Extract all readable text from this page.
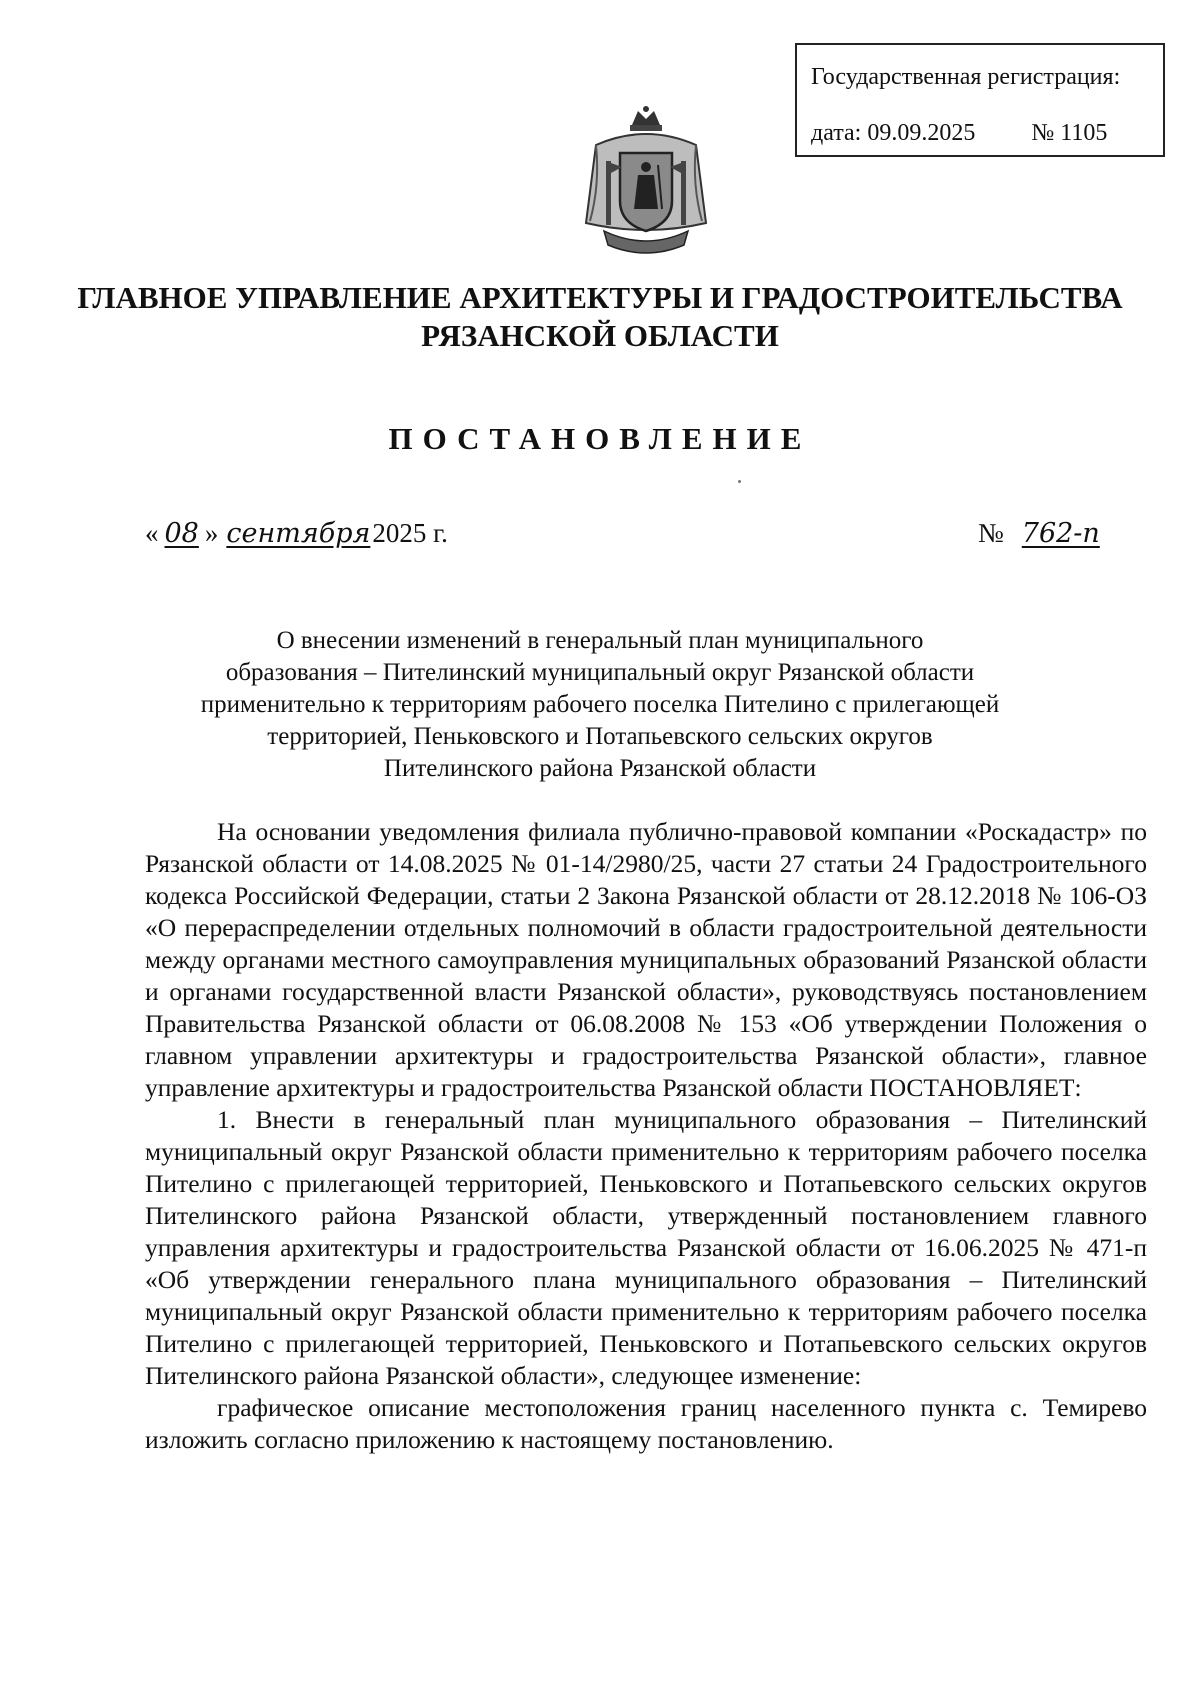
Государственная регистрация:
дата: 09.09.2025 № 1105
ГЛАВНОЕ УПРАВЛЕНИЕ АРХИТЕКТУРЫ И ГРАДОСТРОИТЕЛЬСТВА
РЯЗАНСКОЙ ОБЛАСТИ
ПОСТАНОВЛЕНИЕ
« 08 » сентября 2025 г.	№ 762-п
О внесении изменений в генеральный план муниципального
образования – Пителинский муниципальный округ Рязанской области
применительно к территориям рабочего поселка Пителино с прилегающей
территорией, Пеньковского и Потапьевского сельских округов
Пителинского района Рязанской области

На основании уведомления филиала публично-правовой компании «Роскадастр» по Рязанской области от 14.08.2025 № 01-14/2980/25, части 27 статьи 24 Градостроительного кодекса Российской Федерации, статьи 2 Закона Рязанской области от 28.12.2018 № 106-ОЗ «О перераспределении отдельных полномочий в области градостроительной деятельности между органами местного самоуправления муниципальных образований Рязанской области и органами государственной власти Рязанской области», руководствуясь постановлением Правительства Рязанской области от 06.08.2008 № 153 «Об утверждении Положения о главном управлении архитектуры и градостроительства Рязанской области», главное управление архитектуры и градостроительства Рязанской области ПОСТАНОВЛЯЕТ:

1. Внести в генеральный план муниципального образования – Пителинский муниципальный округ Рязанской области применительно к территориям рабочего поселка Пителино с прилегающей территорией, Пеньковского и Потапьевского сельских округов Пителинского района Рязанской области, утвержденный постановлением главного управления архитектуры и градостроительства Рязанской области от 16.06.2025 № 471-п «Об утверждении генерального плана муниципального образования – Пителинский муниципальный округ Рязанской области применительно к территориям рабочего поселка Пителино с прилегающей территорией, Пеньковского и Потапьевского сельских округов Пителинского района Рязанской области», следующее изменение:

графическое описание местоположения границ населенного пункта с. Темирево изложить согласно приложению к настоящему постановлению.
